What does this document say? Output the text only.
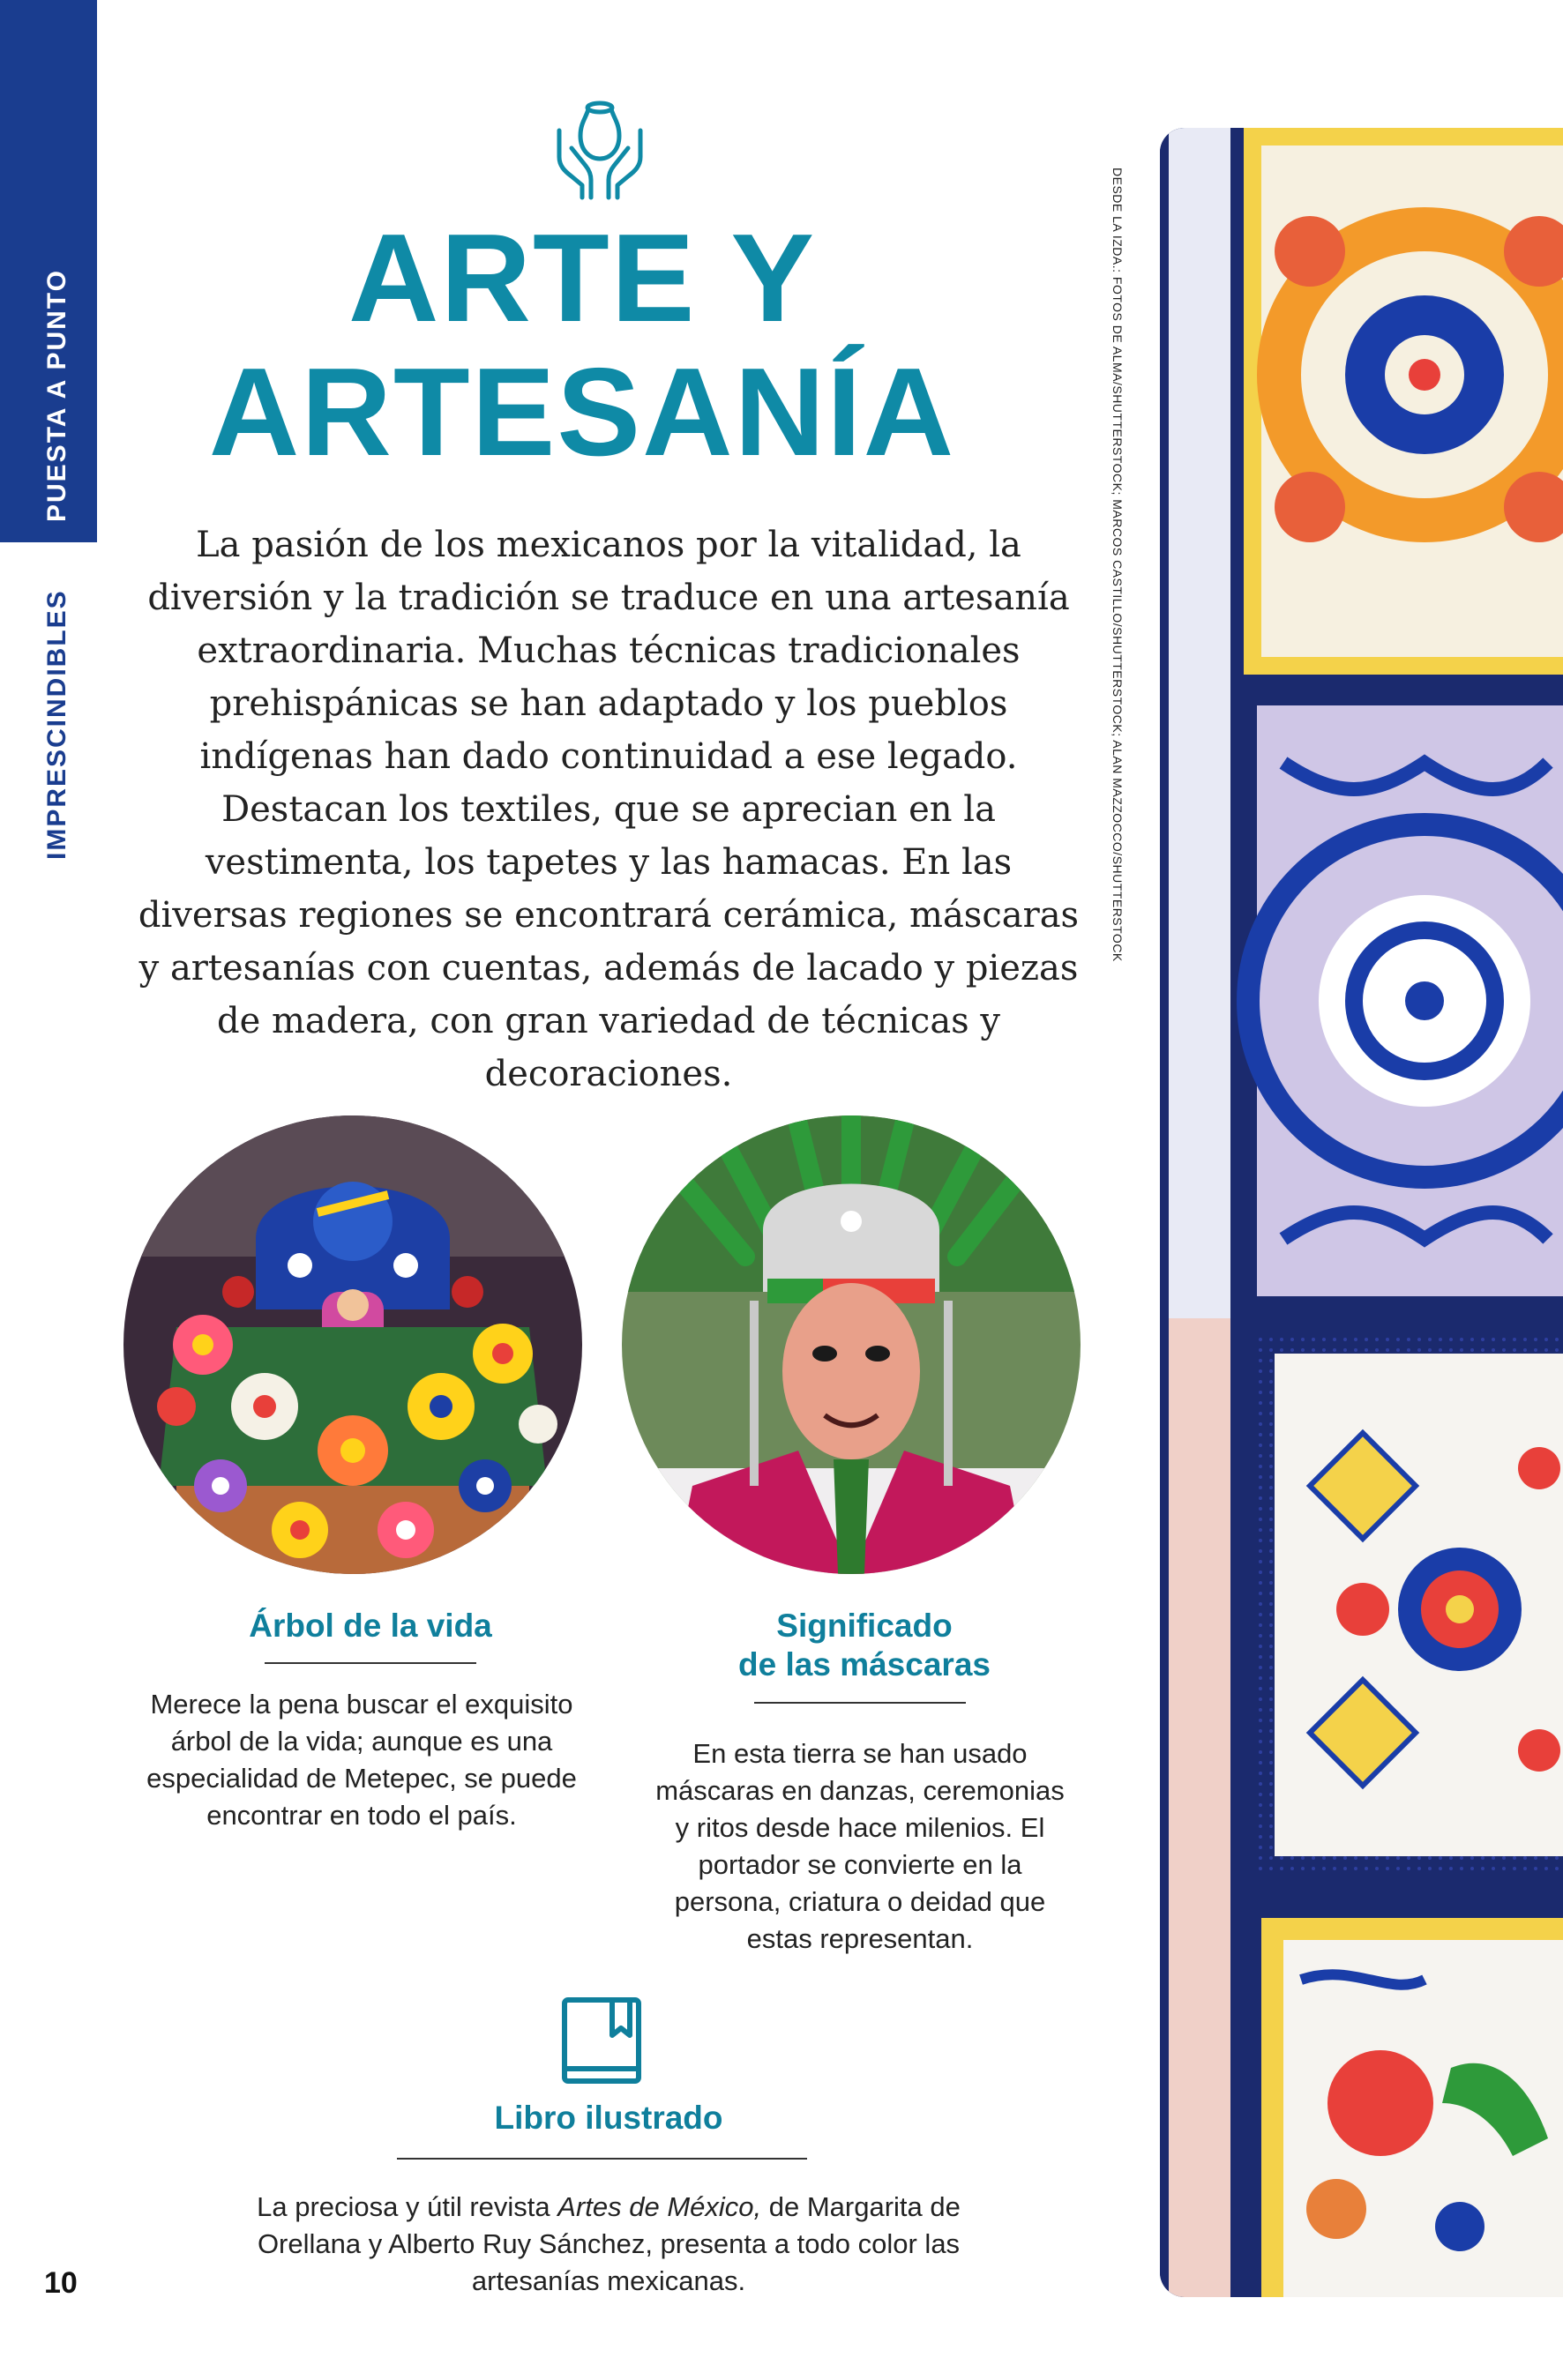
PUESTA A PUNTO
IMPRESCINDIBLES
10
ARTE Y
ARTESANÍA

La pasión de los mexicanos por la vitalidad, la diversión y la tradición se traduce en una artesanía extraordinaria. Muchas técnicas tradicionales prehispánicas se han adaptado y los pueblos indígenas han dado continuidad a ese legado. Destacan los textiles, que se aprecian en la vestimenta, los tapetes y las hamacas. En las diversas regiones se encontrará cerámica, máscaras y artesanías con cuentas, además de lacado y piezas de madera, con gran variedad de técnicas y decoraciones.

Árbol de la vida

Merece la pena buscar el exquisito árbol de la vida; aunque es una especialidad de Metepec, se puede encontrar en todo el país.

Significado
de las máscaras

En esta tierra se han usado máscaras en danzas, ceremonias y ritos desde hace milenios. El portador se convierte en la persona, criatura o deidad que estas representan.

Libro ilustrado

La preciosa y útil revista Artes de México, de Margarita de Orellana y Alberto Ruy Sánchez, presenta a todo color las artesanías mexicanas.

DESDE LA IZDA.: FOTOS DE ALMA/SHUTTERSTOCK; MARCOS CASTILLO/SHUTTERSTOCK; ALAN MAZZOCCO/SHUTTERSTOCK
